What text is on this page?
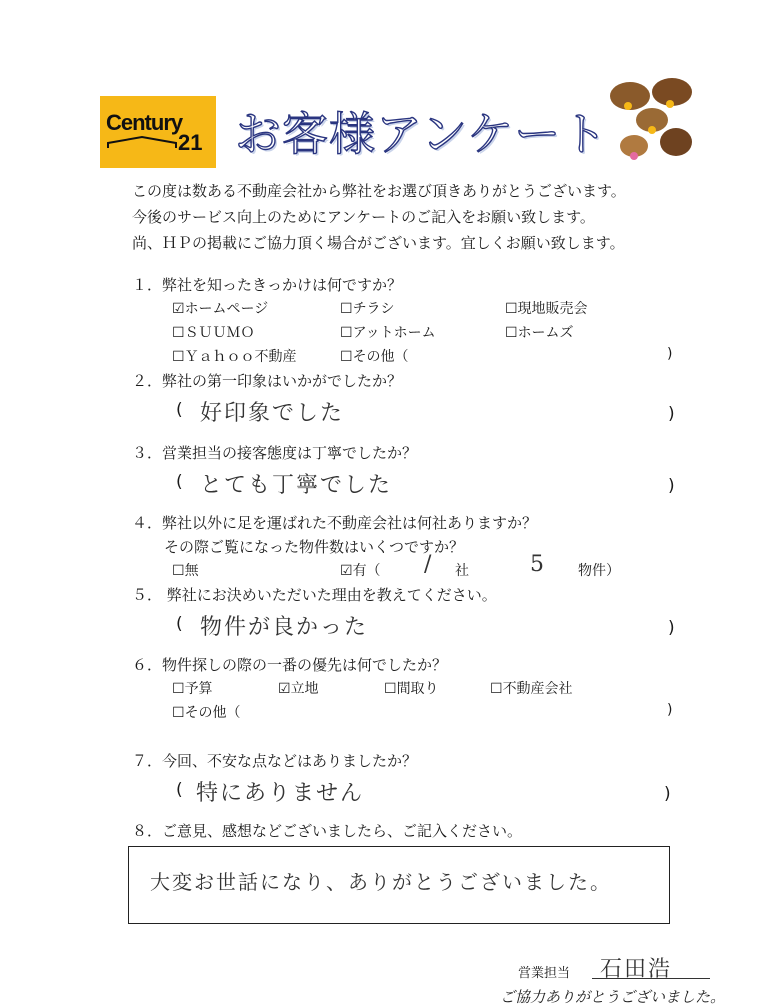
Century
21 お客様アンケート
この度は数ある不動産会社から弊社をお選び頂きありがとうございます。
今後のサービス向上のためにアンケートのご記入をお願い致します。
尚、ＨＰの掲載にご協力頂く場合がございます。宜しくお願い致します。
１．弊社を知ったきっかけは何ですか？
☑ホームページ	☐チラシ	☐現地販売会
☐ＳＵＵＭＯ	☐アットホーム	☐ホームズ
☐Ｙａｈｏｏ不動産	☐その他（	)
２．弊社の第一印象はいかがでしたか？
( 好印象でした	)
３．営業担当の接客態度は丁寧でしたか？
( とても丁寧でした	)
４．弊社以外に足を運ばれた不動産会社は何社ありますか？
その際ご覧になった物件数はいくつですか？
☐無	☑有（ / 社	5 物件）
５． 弊社にお決めいただいた理由を教えてください。
( 物件が良かった	)
６．物件探しの際の一番の優先は何でしたか？
☐予算	☑立地	☐間取り	☐不動産会社
☐その他（	)
７．今回、不安な点などはありましたか？
( 特にありません	)
８．ご意見、感想などございましたら、ご記入ください。
大変お世話になり、ありがとうございました。
営業担当 石田浩
ご協力ありがとうございました。
